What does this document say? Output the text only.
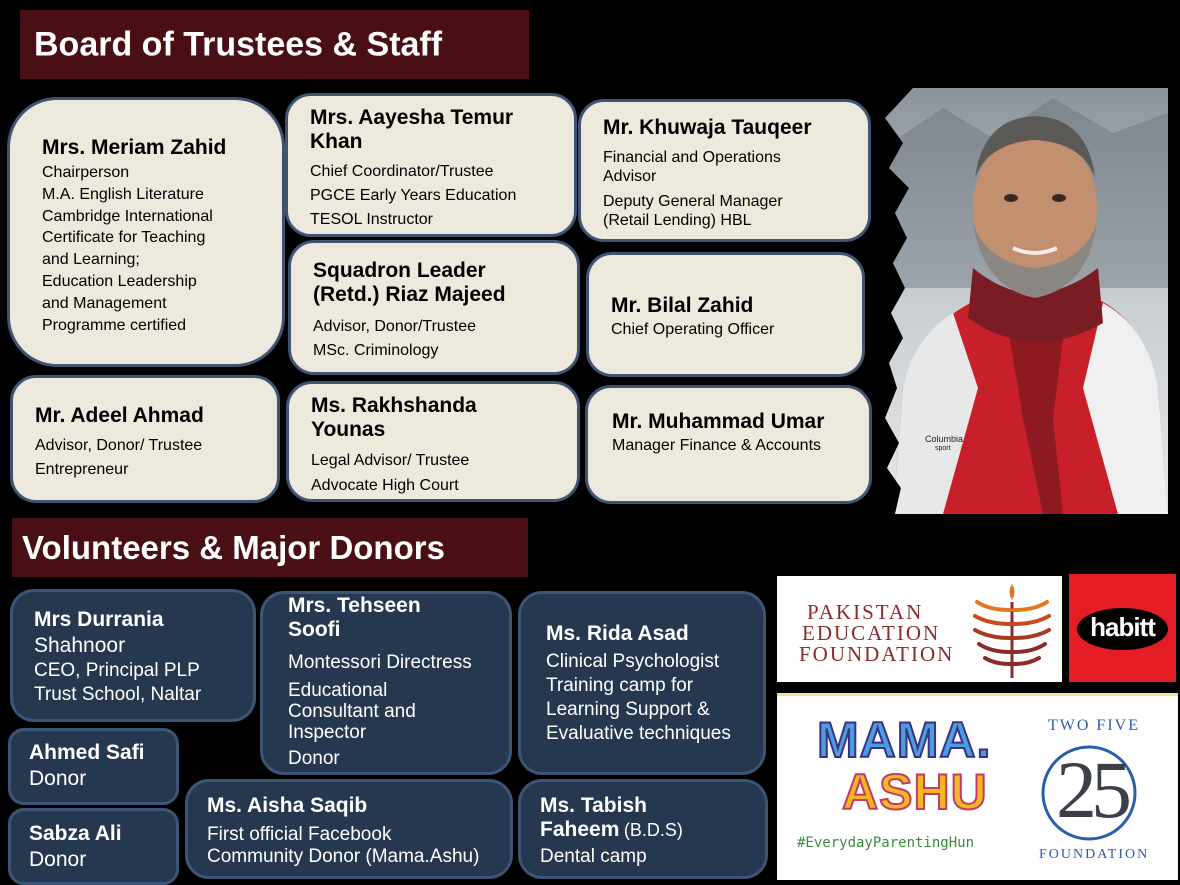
Board of Trustees & Staff
Mrs. Meriam Zahid
Chairperson
M.A. English Literature
Cambridge International
Certificate for Teaching
and Learning;
Education Leadership
and Management
Programme certified
Mrs. Aayesha Temur
Khan
Chief Coordinator/Trustee
PGCE Early Years Education
TESOL Instructor
Mr. Khuwaja Tauqeer
Financial and Operations
Advisor
Deputy General Manager
(Retail Lending) HBL
Squadron Leader
(Retd.) Riaz Majeed
Advisor, Donor/Trustee
MSc. Criminology
Mr. Bilal Zahid
Chief Operating Officer
Mr. Adeel Ahmad
Advisor, Donor/ Trustee
Entrepreneur
Ms. Rakhshanda
Younas
Legal Advisor/ Trustee
Advocate High Court
Mr. Muhammad Umar
Manager Finance & Accounts	Columbia
sport
Volunteers & Major Donors
Mrs Durrania
Shahnoor
CEO, Principal PLP
Trust School, Naltar
Mrs. Tehseen
Soofi
Montessori Directress
Educational
Consultant and
Inspector
Donor
Ms. Rida Asad
Clinical Psychologist
Training camp for
Learning Support &
Evaluative techniques
Ahmed Safi
Donor
Sabza Ali
Donor
Ms. Aisha Saqib
First official Facebook
Community Donor (Mama.Ashu)
Ms. Tabish
Faheem (B.D.S)
Dental camp
PAKISTAN
EDUCATION
FOUNDATION
habitt
MAMA.
ASHU
#EverydayParentingHun
TWO FIVE
25
FOUNDATION
